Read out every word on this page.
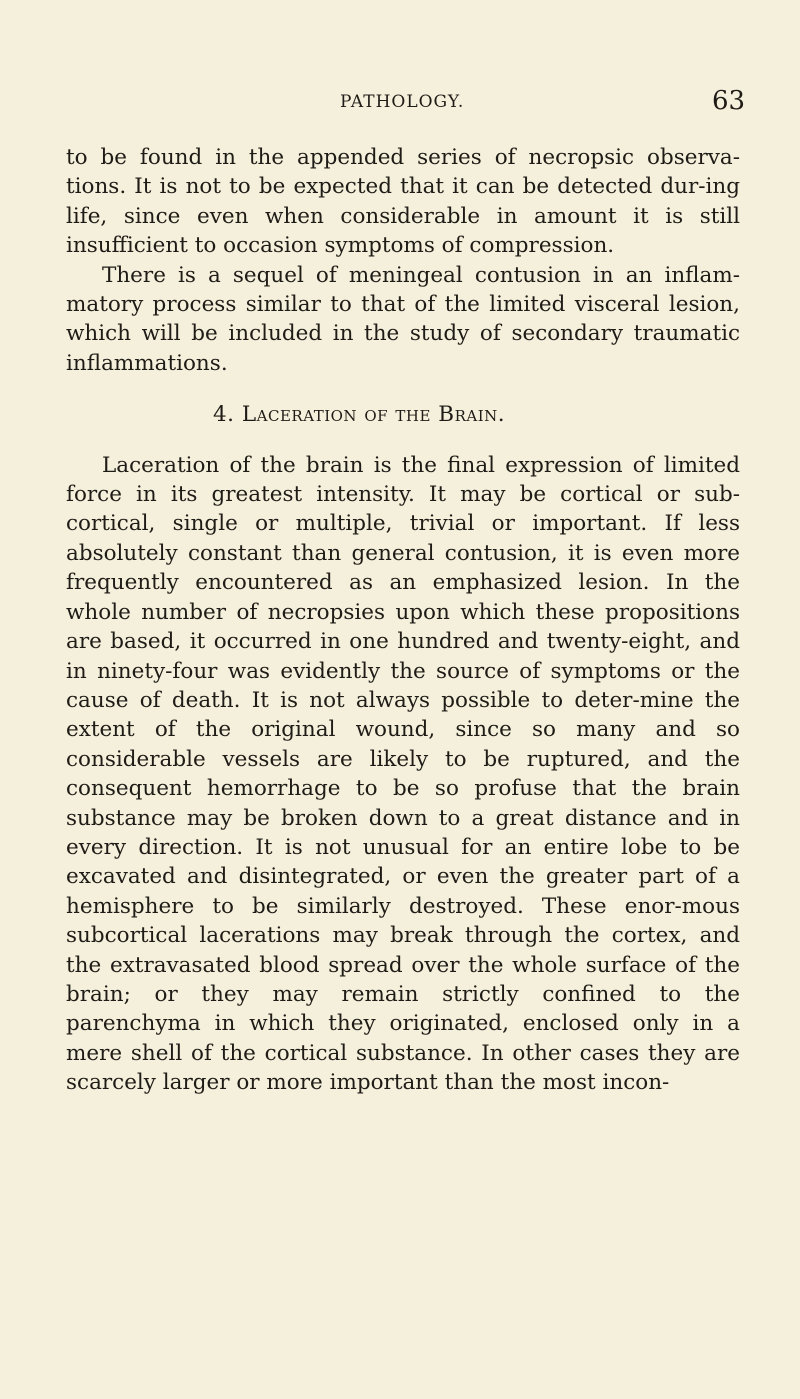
PATHOLOGY.	63

to be found in the appended series of necropsic observa-tions. It is not to be expected that it can be detected dur-ing life, since even when considerable in amount it is still insufficient to occasion symptoms of compression.

There is a sequel of meningeal contusion in an inflam-matory process similar to that of the limited visceral lesion, which will be included in the study of secondary traumatic inflammations.

4. Laceration of the Brain.

Laceration of the brain is the final expression of limited force in its greatest intensity. It may be cortical or sub-cortical, single or multiple, trivial or important. If less absolutely constant than general contusion, it is even more frequently encountered as an emphasized lesion. In the whole number of necropsies upon which these propositions are based, it occurred in one hundred and twenty-eight, and in ninety-four was evidently the source of symptoms or the cause of death. It is not always possible to deter-mine the extent of the original wound, since so many and so considerable vessels are likely to be ruptured, and the consequent hemorrhage to be so profuse that the brain substance may be broken down to a great distance and in every direction. It is not unusual for an entire lobe to be excavated and disintegrated, or even the greater part of a hemisphere to be similarly destroyed. These enor-mous subcortical lacerations may break through the cortex, and the extravasated blood spread over the whole surface of the brain; or they may remain strictly confined to the parenchyma in which they originated, enclosed only in a mere shell of the cortical substance. In other cases they are scarcely larger or more important than the most incon-
